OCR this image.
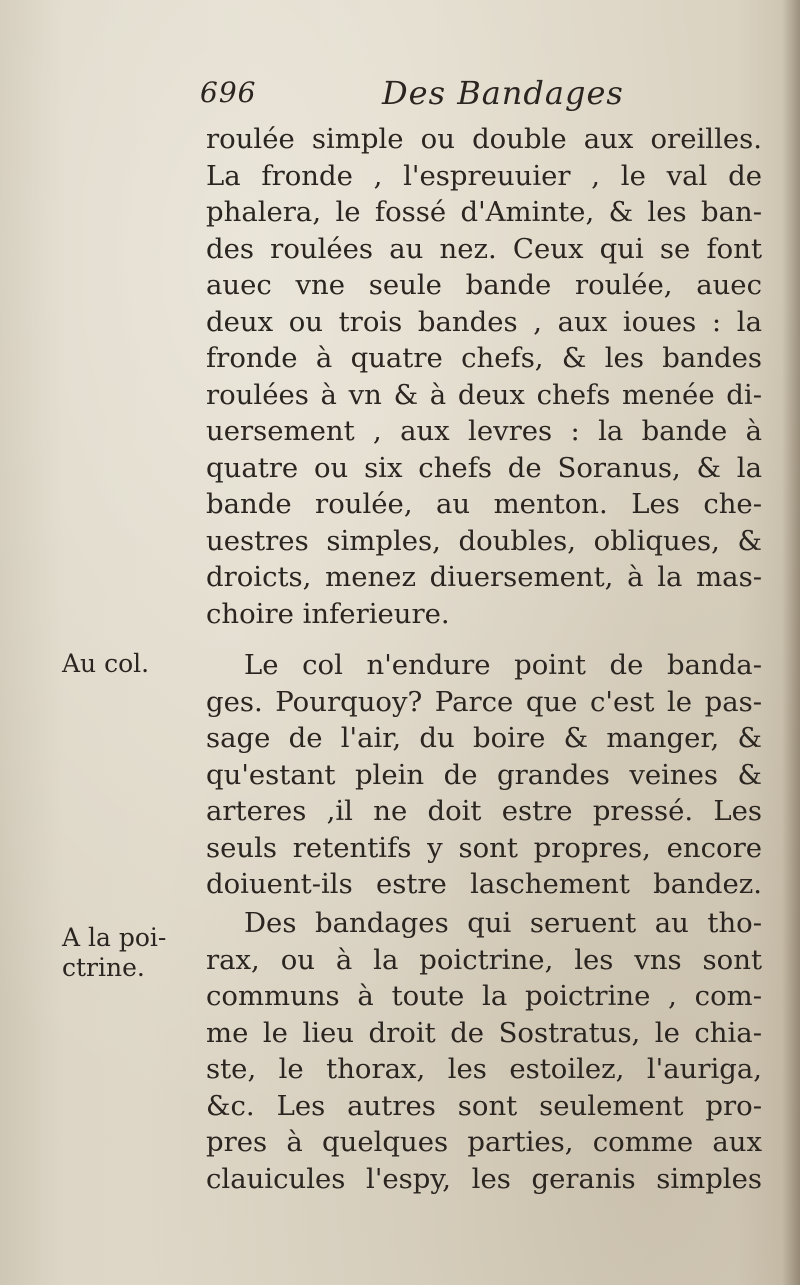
696	Des Bandages
Au col.
A la poi-
ctrine.
roulée simple ou double aux oreilles.
La fronde , l'espreuuier , le val de
phalera, le fossé d'Aminte, & les ban-
des roulées au nez. Ceux qui se font
auec vne seule bande roulée, auec
deux ou trois bandes , aux ioues : la
fronde à quatre chefs, & les bandes
roulées à vn & à deux chefs menée di-
uersement , aux levres : la bande à
quatre ou six chefs de Soranus, & la
bande roulée, au menton. Les che-
uestres simples, doubles, obliques, &
droicts, menez diuersement, à la mas-
choire inferieure.
Le col n'endure point de banda-
ges. Pourquoy? Parce que c'est le pas-
sage de l'air, du boire & manger, &
qu'estant plein de grandes veines &
arteres ,il ne doit estre pressé. Les
seuls retentifs y sont propres, encore
doiuent-ils estre laschement bandez.
Des bandages qui seruent au tho-
rax, ou à la poictrine, les vns sont
communs à toute la poictrine , com-
me le lieu droit de Sostratus, le chia-
ste, le thorax, les estoilez, l'auriga,
&c. Les autres sont seulement pro-
pres à quelques parties, comme aux
clauicules l'espy, les geranis simples
